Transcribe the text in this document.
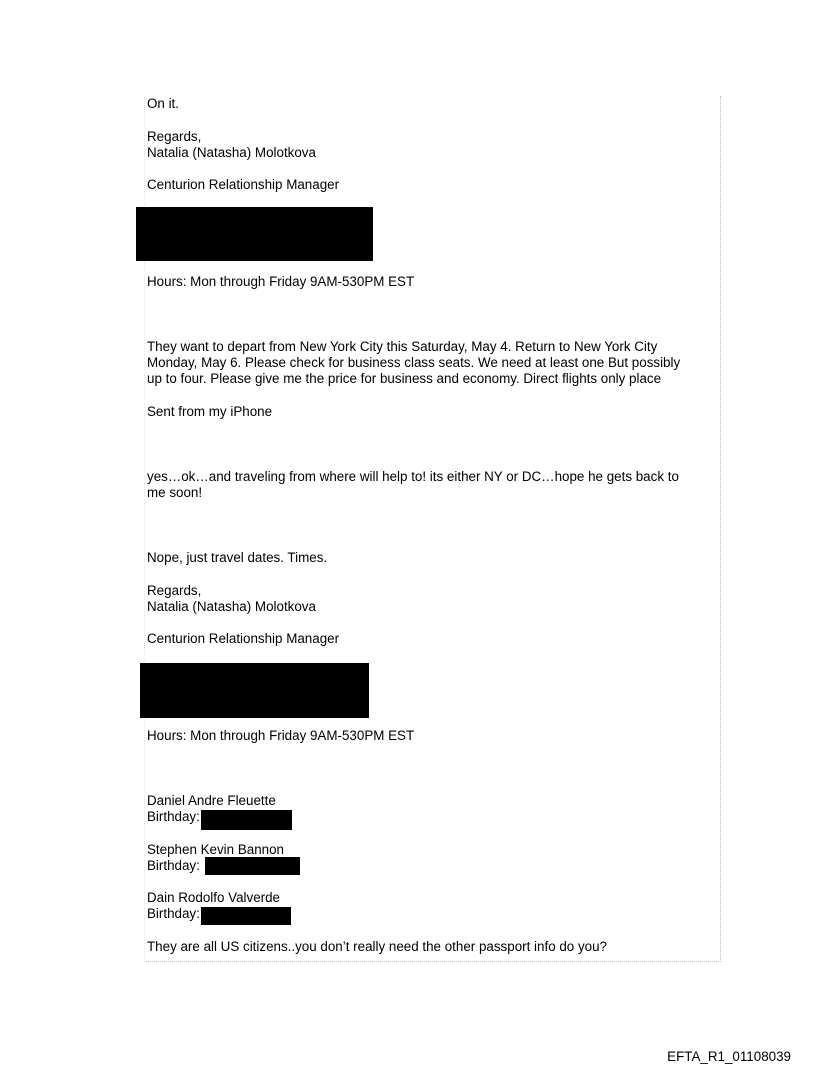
On it.
Regards,
Natalia (Natasha) Molotkova
Centurion Relationship Manager
Hours: Mon through Friday 9AM-530PM EST
They want to depart from New York City this Saturday, May 4. Return to New York City
Monday, May 6. Please check for business class seats. We need at least one But possibly
up to four. Please give me the price for business and economy. Direct flights only place
Sent from my iPhone
yes…ok…and traveling from where will help to! its either NY or DC…hope he gets back to
me soon!
Nope, just travel dates. Times.
Regards,
Natalia (Natasha) Molotkova
Centurion Relationship Manager
Hours: Mon through Friday 9AM-530PM EST
Daniel Andre Fleuette
Birthday:
Stephen Kevin Bannon
Birthday:
Dain Rodolfo Valverde
Birthday:
They are all US citizens..you don’t really need the other passport info do you?
EFTA_R1_01108039
